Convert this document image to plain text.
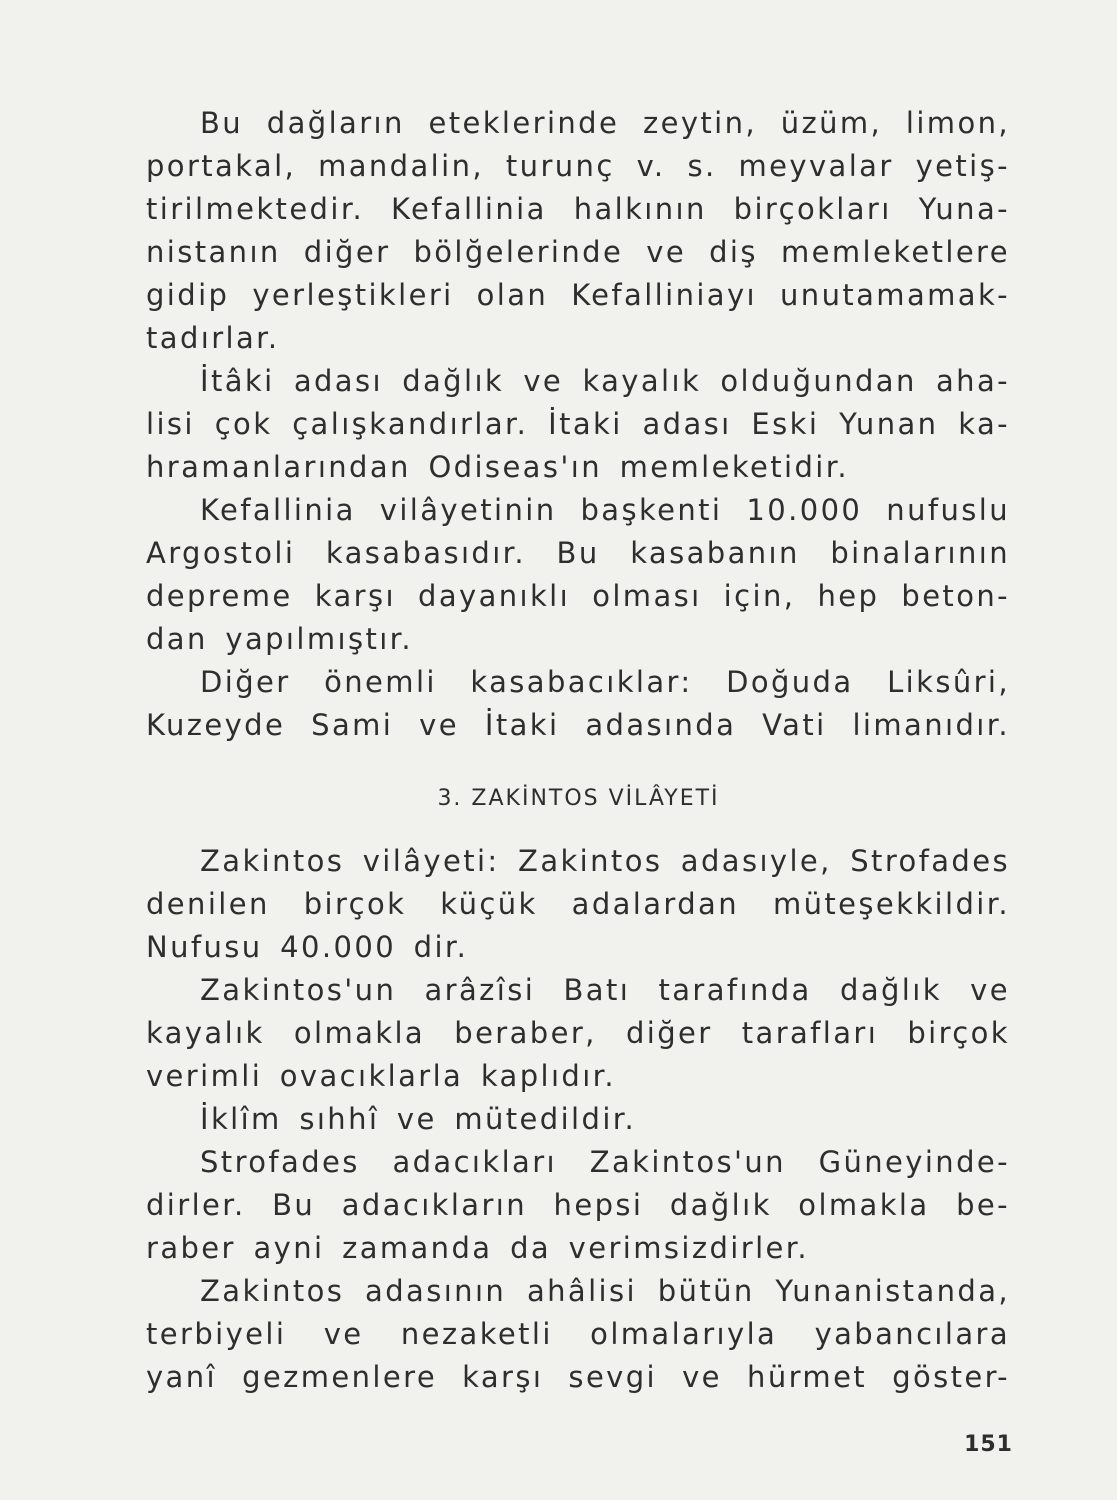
Bu dağların eteklerinde zeytin, üzüm, limon,
portakal, mandalin, turunç v. s. meyvalar yetiş-
tirilmektedir. Kefallinia halkının birçokları Yuna-
nistanın diğer bölğelerinde ve diş memleketlere
gidip yerleştikleri olan Kefalliniayı unutamamak-
tadırlar.
İtâki adası dağlık ve kayalık olduğundan aha-
lisi çok çalışkandırlar. İtaki adası Eski Yunan ka-
hramanlarından Odiseas'ın memleketidir.
Kefallinia vilâyetinin başkenti 10.000 nufuslu
Argostoli kasabasıdır. Bu kasabanın binalarının
depreme karşı dayanıklı olması için, hep beton-
dan yapılmıştır.
Diğer önemli kasabacıklar: Doğuda Liksûri,
Kuzeyde Sami ve İtaki adasında Vati limanıdır.
3. ZAKİNTOS VİLÂYETİ
Zakintos vilâyeti: Zakintos adasıyle, Strofades
denilen birçok küçük adalardan müteşekkildir.
Nufusu 40.000 dir.
Zakintos'un arâzîsi Batı tarafında dağlık ve
kayalık olmakla beraber, diğer tarafları birçok
verimli ovacıklarla kaplıdır.
İklîm sıhhî ve mütedildir.
Strofades adacıkları Zakintos'un Güneyinde-
dirler. Bu adacıkların hepsi dağlık olmakla be-
raber ayni zamanda da verimsizdirler.
Zakintos adasının ahâlisi bütün Yunanistanda,
terbiyeli ve nezaketli olmalarıyla yabancılara
yanî gezmenlere karşı sevgi ve hürmet göster-
151
